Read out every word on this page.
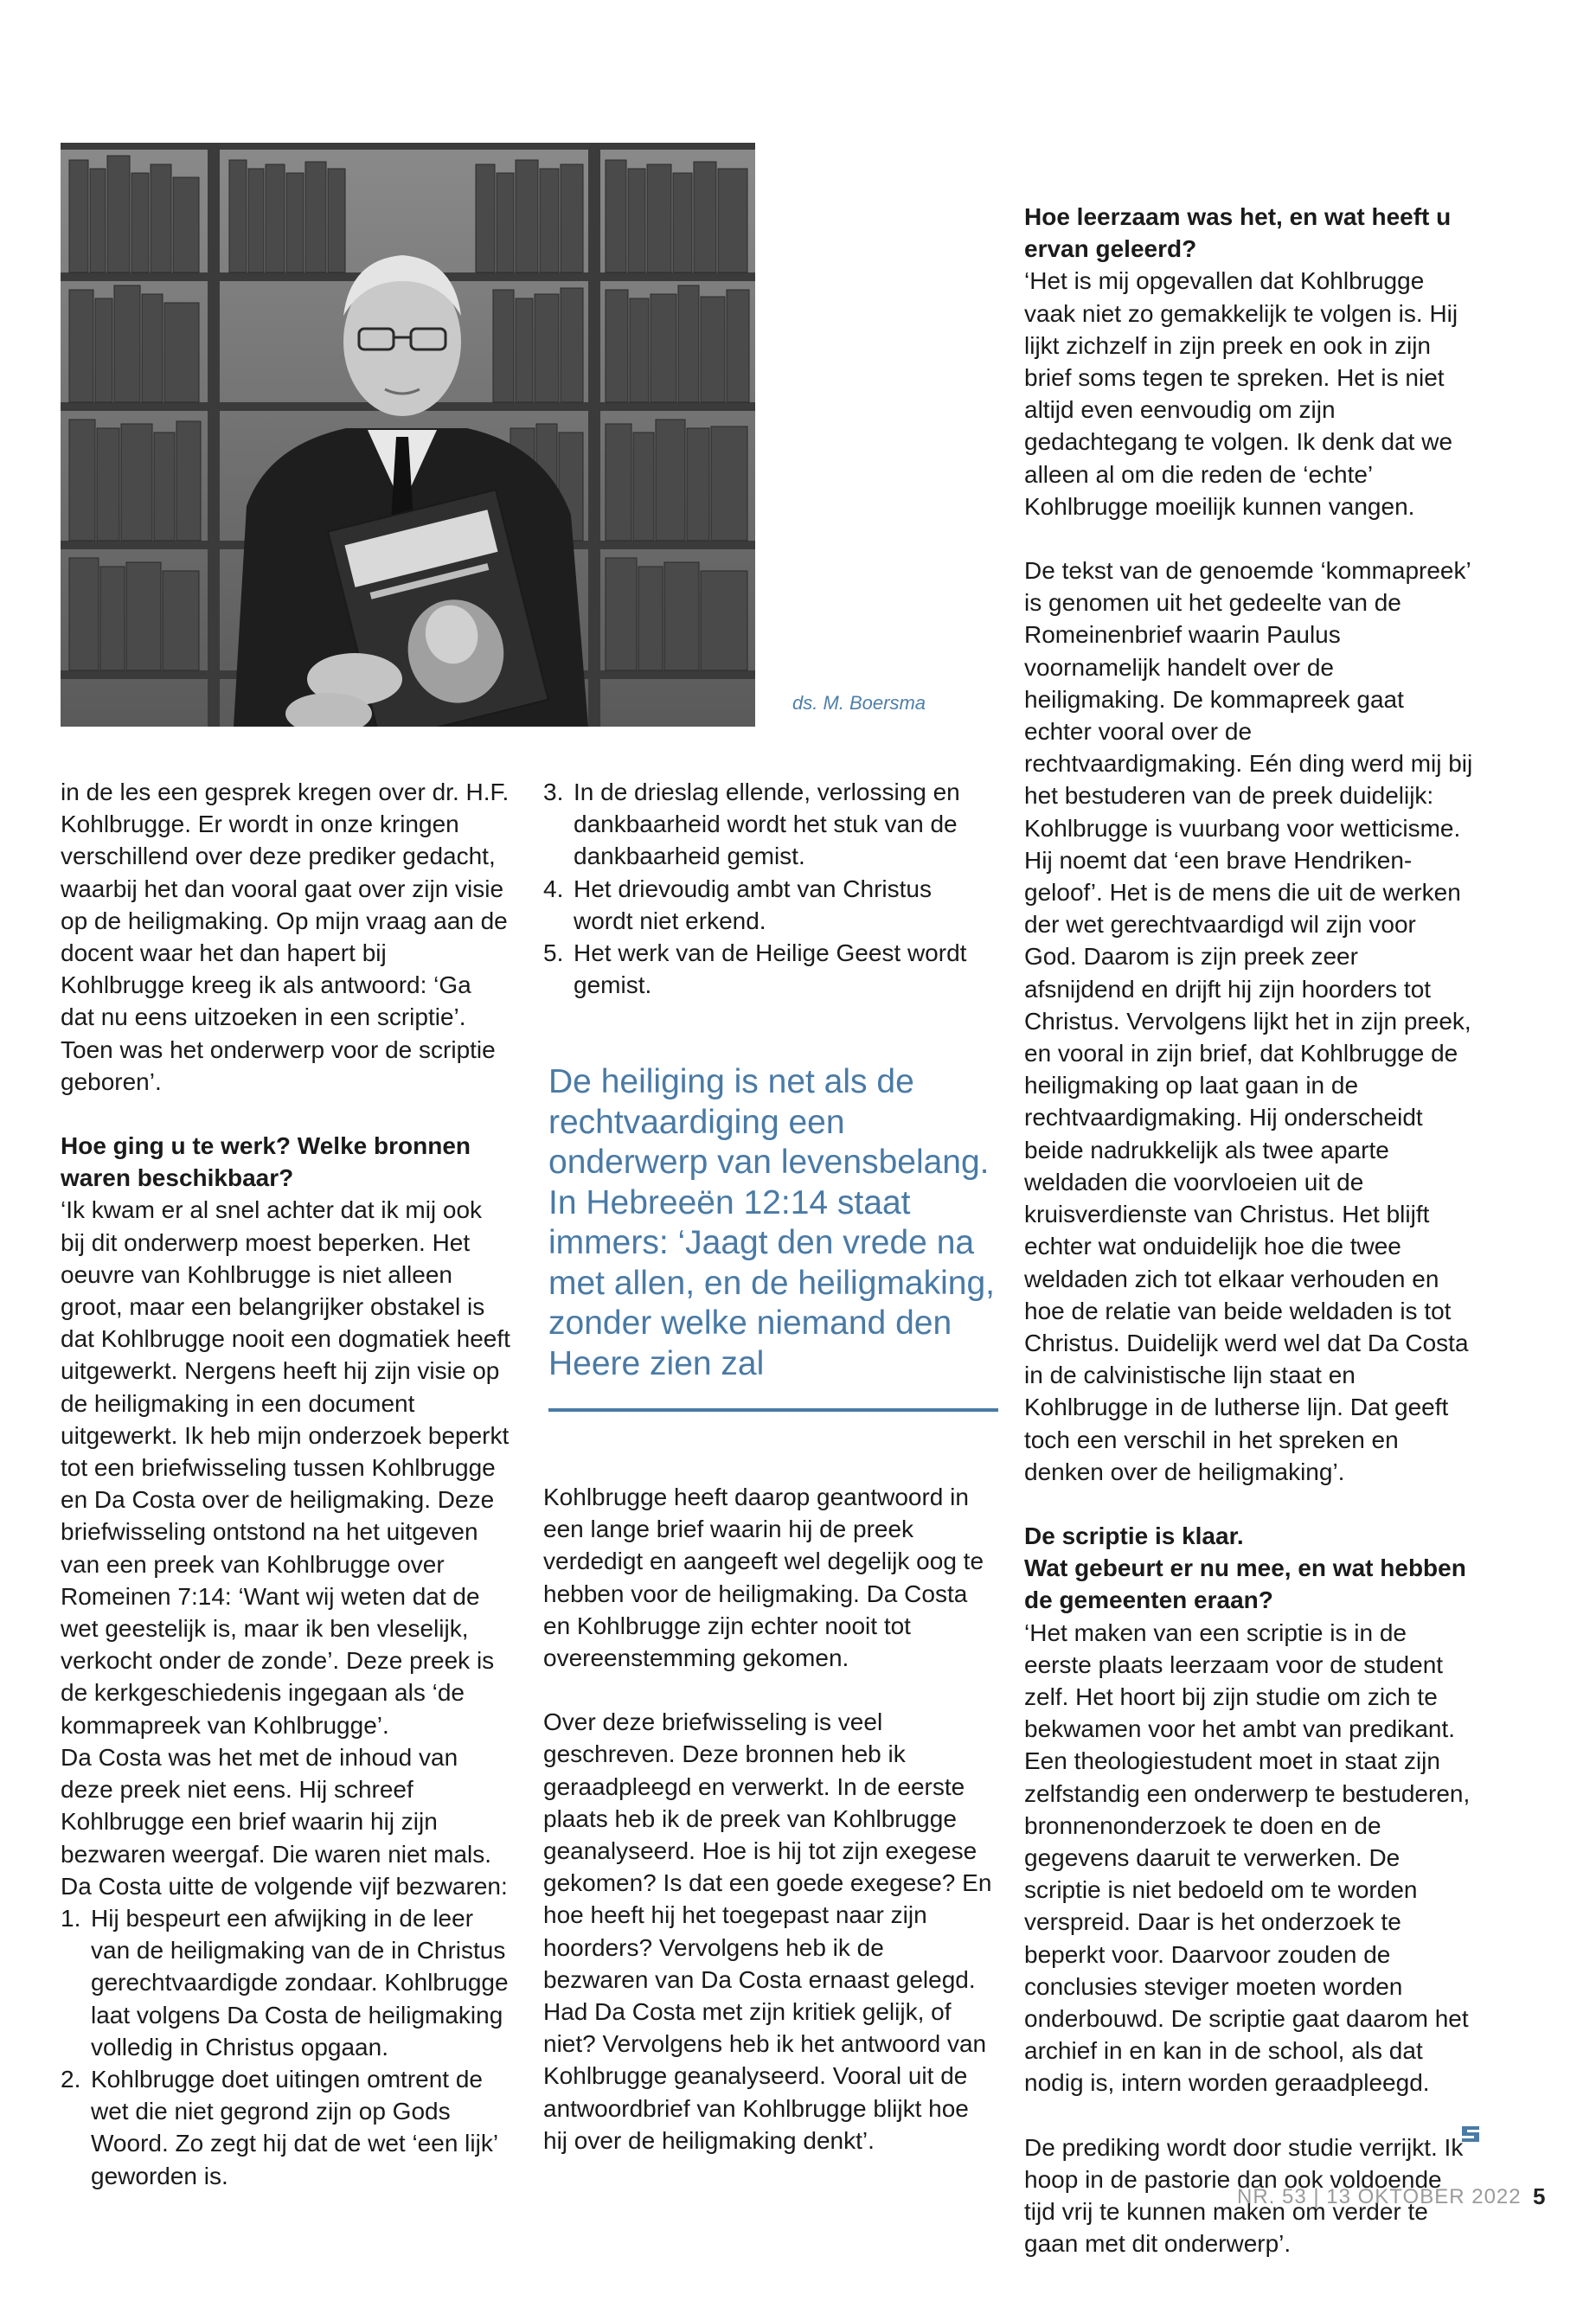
ds. M. Boersma

in de les een gesprek kregen over dr. H.F. Kohlbrugge. Er wordt in onze kringen verschillend over deze prediker gedacht, waarbij het dan vooral gaat over zijn visie op de heiligmaking. Op mijn vraag aan de docent waar het dan hapert bij Kohlbrugge kreeg ik als antwoord: ‘Ga dat nu eens uitzoeken in een scriptie’. Toen was het onderwerp voor de scriptie geboren’.

Hoe ging u te werk? Welke bronnen waren beschikbaar?

‘Ik kwam er al snel achter dat ik mij ook bij dit onderwerp moest beperken. Het oeuvre van Kohlbrugge is niet alleen groot, maar een belangrijker obstakel is dat Kohlbrugge nooit een dogmatiek heeft uitgewerkt. Nergens heeft hij zijn visie op de heiligmaking in een document uitgewerkt. Ik heb mijn onderzoek beperkt tot een briefwisseling tussen Kohlbrugge en Da Costa over de heiligmaking. Deze briefwisseling ontstond na het uitgeven van een preek van Kohlbrugge over Romeinen 7:14: ‘Want wij weten dat de wet geestelijk is, maar ik ben vleselijk, verkocht onder de zonde’. Deze preek is de kerkgeschiedenis ingegaan als ‘de kommapreek van Kohlbrugge’.

Da Costa was het met de inhoud van deze preek niet eens. Hij schreef Kohlbrugge een brief waarin hij zijn bezwaren weergaf. Die waren niet mals. Da Costa uitte de volgende vijf bezwaren:

1. Hij bespeurt een afwijking in de leer van de heiligmaking van de in Christus gerechtvaardigde zondaar. Kohlbrugge laat volgens Da Costa de heiligmaking volledig in Christus opgaan.
2. Kohlbrugge doet uitingen omtrent de wet die niet gegrond zijn op Gods Woord. Zo zegt hij dat de wet ‘een lijk’ geworden is.
3. In de drieslag ellende, verlossing en dankbaarheid wordt het stuk van de dankbaarheid gemist.
4. Het drievoudig ambt van Christus wordt niet erkend.
5. Het werk van de Heilige Geest wordt gemist.
De heiliging is net als de rechtvaardiging een onderwerp van levensbelang. In Hebreeën 12:14 staat immers: ‘Jaagt den vrede na met allen, en de heiligmaking, zonder welke niemand den Heere zien zal

Kohlbrugge heeft daarop geantwoord in een lange brief waarin hij de preek verdedigt en aangeeft wel degelijk oog te hebben voor de heiligmaking. Da Costa en Kohlbrugge zijn echter nooit tot overeenstemming gekomen.

Over deze briefwisseling is veel geschreven. Deze bronnen heb ik geraadpleegd en verwerkt. In de eerste plaats heb ik de preek van Kohlbrugge geanalyseerd. Hoe is hij tot zijn exegese gekomen? Is dat een goede exegese? En hoe heeft hij het toegepast naar zijn hoorders? Vervolgens heb ik de bezwaren van Da Costa ernaast gelegd. Had Da Costa met zijn kritiek gelijk, of niet? Vervolgens heb ik het antwoord van Kohlbrugge geanalyseerd. Vooral uit de antwoordbrief van Kohlbrugge blijkt hoe hij over de heiligmaking denkt’.

Hoe leerzaam was het, en wat heeft u ervan geleerd?

‘Het is mij opgevallen dat Kohlbrugge vaak niet zo gemakkelijk te volgen is. Hij lijkt zichzelf in zijn preek en ook in zijn brief soms tegen te spreken. Het is niet altijd even eenvoudig om zijn gedachtegang te volgen. Ik denk dat we alleen al om die reden de ‘echte’ Kohlbrugge moeilijk kunnen vangen.

De tekst van de genoemde ‘kommapreek’ is genomen uit het gedeelte van de Romeinenbrief waarin Paulus voornamelijk handelt over de heiligmaking. De kommapreek gaat echter vooral over de rechtvaardigmaking. Eén ding werd mij bij het bestuderen van de preek duidelijk: Kohlbrugge is vuurbang voor wetticisme. Hij noemt dat ‘een brave Hendriken-geloof’. Het is de mens die uit de werken der wet gerechtvaardigd wil zijn voor God. Daarom is zijn preek zeer afsnijdend en drijft hij zijn hoorders tot Christus. Vervolgens lijkt het in zijn preek, en vooral in zijn brief, dat Kohlbrugge de heiligmaking op laat gaan in de rechtvaardigmaking. Hij onderscheidt beide nadrukkelijk als twee aparte weldaden die voorvloeien uit de kruisverdienste van Christus. Het blijft echter wat onduidelijk hoe die twee weldaden zich tot elkaar verhouden en hoe de relatie van beide weldaden is tot Christus. Duidelijk werd wel dat Da Costa in de calvinistische lijn staat en Kohlbrugge in de lutherse lijn. Dat geeft toch een verschil in het spreken en denken over de heiligmaking’.

De scriptie is klaar.

Wat gebeurt er nu mee, en wat hebben de gemeenten eraan?

‘Het maken van een scriptie is in de eerste plaats leerzaam voor de student zelf. Het hoort bij zijn studie om zich te bekwamen voor het ambt van predikant. Een theologiestudent moet in staat zijn zelfstandig een onderwerp te bestuderen, bronnenonderzoek te doen en de gegevens daaruit te verwerken. De scriptie is niet bedoeld om te worden verspreid. Daar is het onderzoek te beperkt voor. Daarvoor zouden de conclusies steviger moeten worden onderbouwd. De scriptie gaat daarom het archief in en kan in de school, als dat nodig is, intern worden geraadpleegd.

De prediking wordt door studie verrijkt. Ik hoop in de pastorie dan ook voldoende tijd vrij te kunnen maken om verder te gaan met dit onderwerp’.

NR. 53 | 13 OKTOBER 2022 5
